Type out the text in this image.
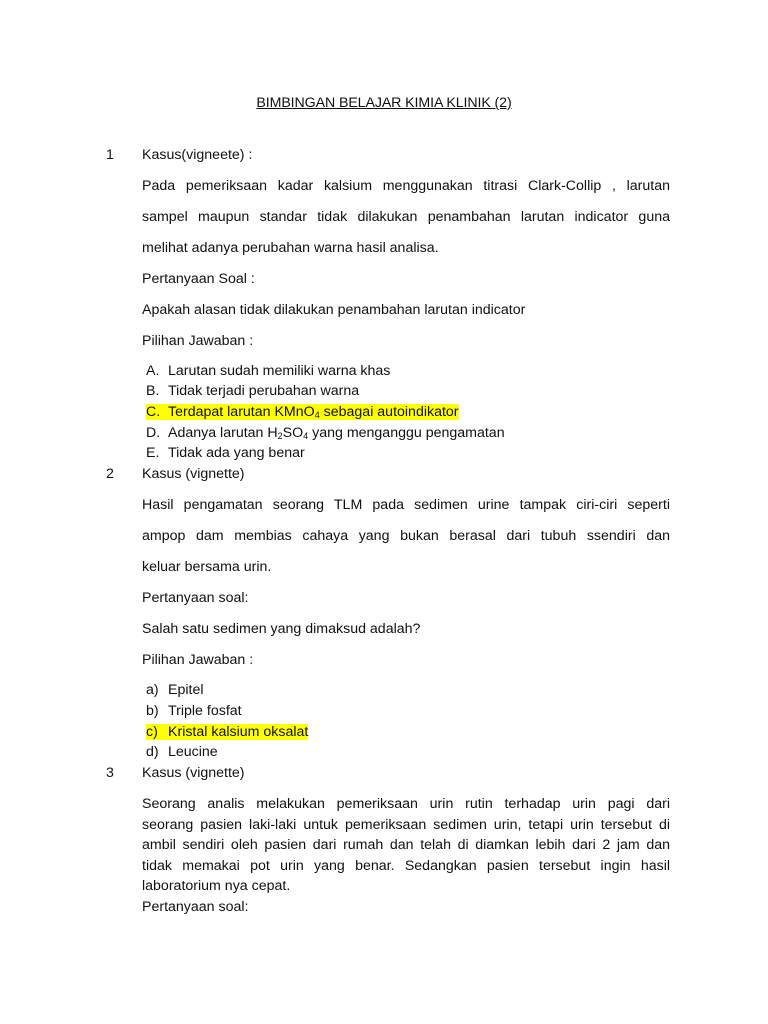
BIMBINGAN BELAJAR KIMIA KLINIK (2)
1 Kasus(vigneete) :
Pada pemeriksaan kadar kalsium menggunakan titrasi Clark-Collip , larutan
sampel maupun standar tidak dilakukan penambahan larutan indicator guna
melihat adanya perubahan warna hasil analisa.
Pertanyaan Soal :
Apakah alasan tidak dilakukan penambahan larutan indicator
Pilihan Jawaban :
A. Larutan sudah memiliki warna khas
B. Tidak terjadi perubahan warna
C. Terdapat larutan KMnO$_4$ sebagai autoindikator
D. Adanya larutan $H_2SO_4$ yang menganggu pengamatan
E. Tidak ada yang benar
2 Kasus (vignette)
Hasil pengamatan seorang TLM pada sedimen urine tampak ciri-ciri seperti
ampop dam membias cahaya yang bukan berasal dari tubuh ssendiri dan
keluar bersama urin.
Pertanyaan soal:
Salah satu sedimen yang dimaksud adalah?
Pilihan Jawaban :
a) Epitel
b) Triple fosfat
c) Kristal kalsium oksalat
d) Leucine
3 Kasus (vignette)
Seorang analis melakukan pemeriksaan urin rutin terhadap urin pagi dari
seorang pasien laki-laki untuk pemeriksaan sedimen urin, tetapi urin tersebut di
ambil sendiri oleh pasien dari rumah dan telah di diamkan lebih dari 2 jam dan
tidak memakai pot urin yang benar. Sedangkan pasien tersebut ingin hasil
laboratorium nya cepat.
Pertanyaan soal:
